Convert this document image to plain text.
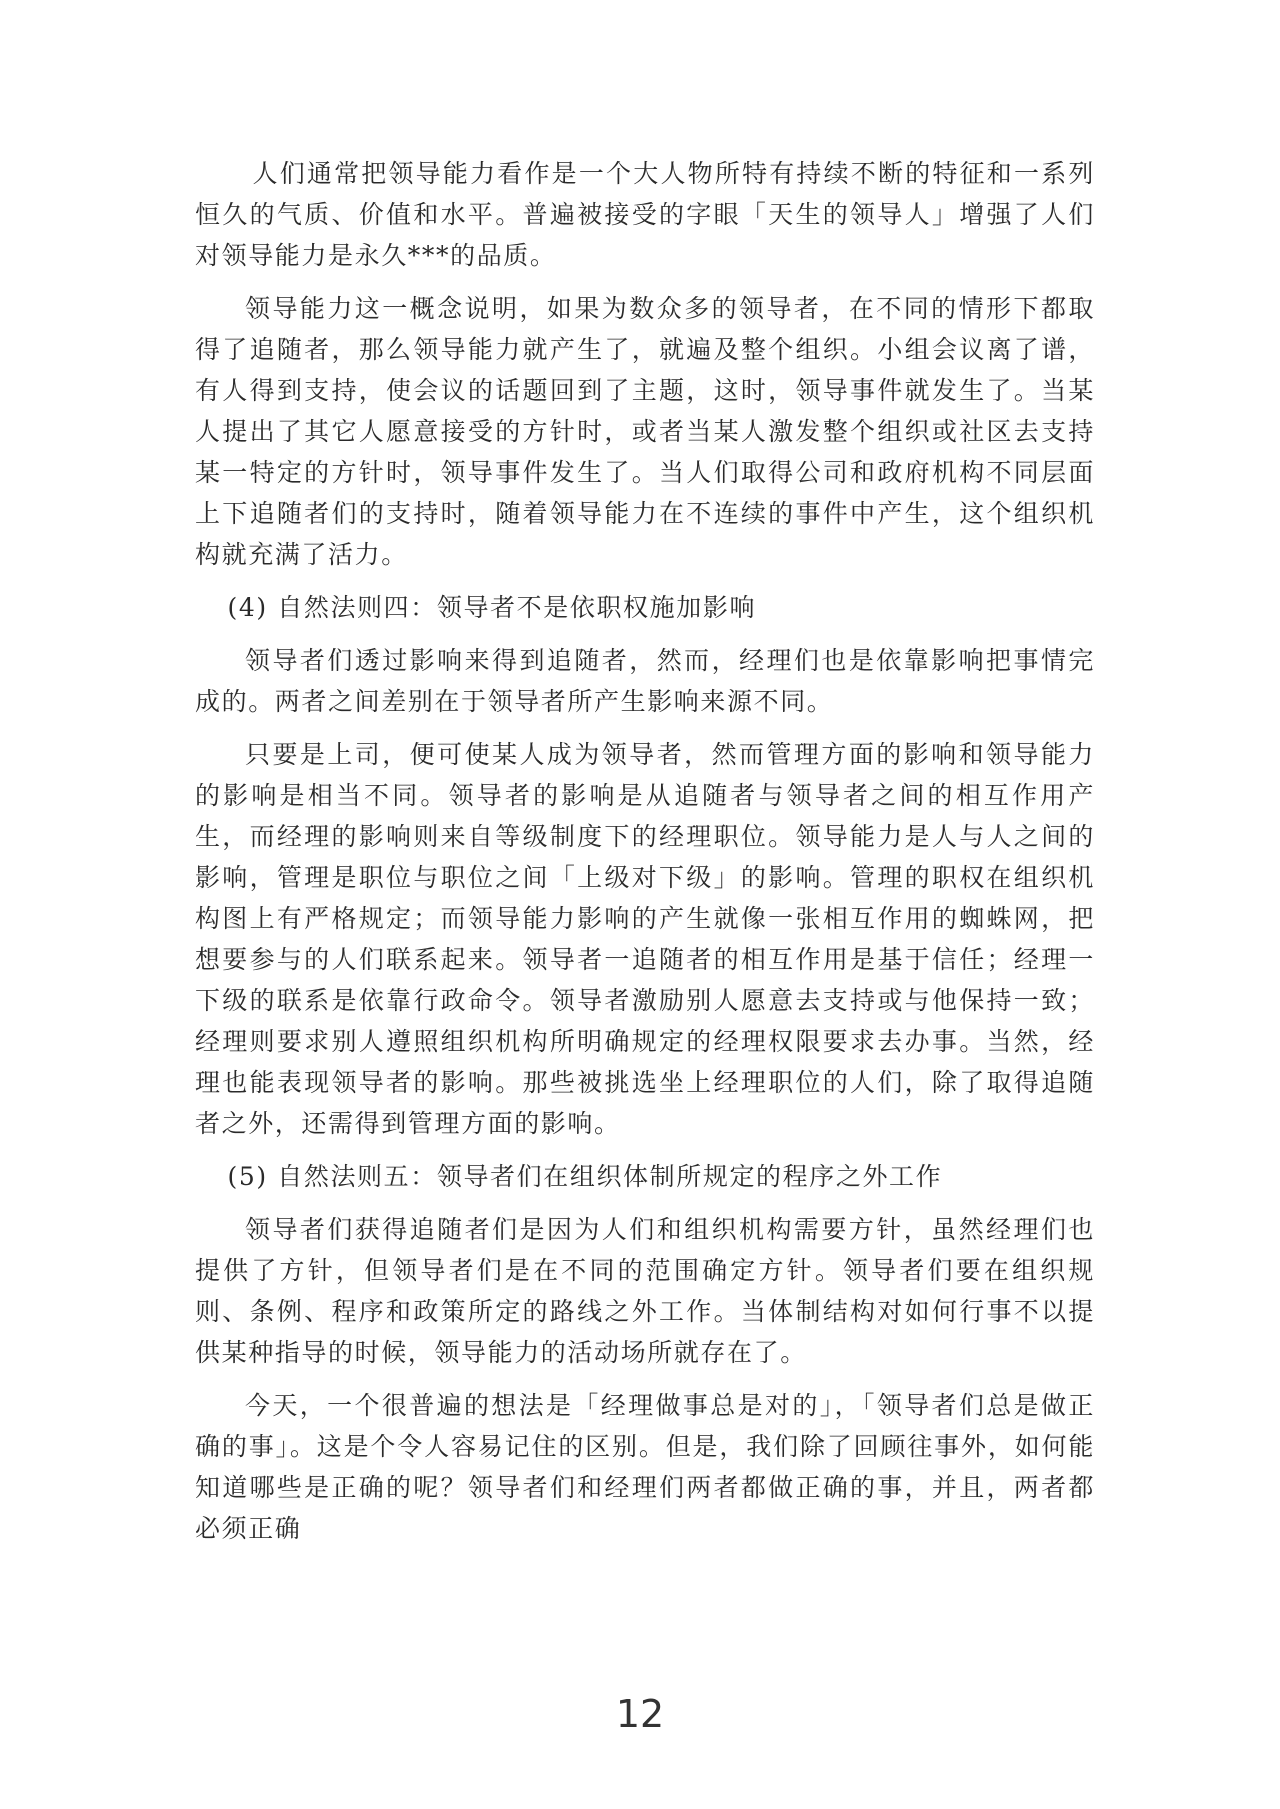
人们通常把领导能力看作是一个大人物所特有持续不断的特征和一系列恒久的气质、价值和水平。普遍被接受的字眼「天生的领导人」增强了人们对领导能力是永久***的品质。

领导能力这一概念说明，如果为数众多的领导者，在不同的情形下都取得了追随者，那么领导能力就产生了，就遍及整个组织。小组会议离了谱，有人得到支持，使会议的话题回到了主题，这时，领导事件就发生了。当某人提出了其它人愿意接受的方针时，或者当某人激发整个组织或社区去支持某一特定的方针时，领导事件发生了。当人们取得公司和政府机构不同层面上下追随者们的支持时，随着领导能力在不连续的事件中产生，这个组织机构就充满了活力。

(4) 自然法则四：领导者不是依职权施加影响

领导者们透过影响来得到追随者，然而，经理们也是依靠影响把事情完成的。两者之间差别在于领导者所产生影响来源不同。

只要是上司，便可使某人成为领导者，然而管理方面的影响和领导能力的影响是相当不同。领导者的影响是从追随者与领导者之间的相互作用产生，而经理的影响则来自等级制度下的经理职位。领导能力是人与人之间的影响，管理是职位与职位之间「上级对下级」的影响。管理的职权在组织机构图上有严格规定；而领导能力影响的产生就像一张相互作用的蜘蛛网，把想要参与的人们联系起来。领导者一追随者的相互作用是基于信任；经理一下级的联系是依靠行政命令。领导者激励别人愿意去支持或与他保持一致；经理则要求别人遵照组织机构所明确规定的经理权限要求去办事。当然，经理也能表现领导者的影响。那些被挑选坐上经理职位的人们，除了取得追随者之外，还需得到管理方面的影响。

(5) 自然法则五：领导者们在组织体制所规定的程序之外工作

领导者们获得追随者们是因为人们和组织机构需要方针，虽然经理们也提供了方针，但领导者们是在不同的范围确定方针。领导者们要在组织规则、条例、程序和政策所定的路线之外工作。当体制结构对如何行事不以提供某种指导的时候，领导能力的活动场所就存在了。

今天，一个很普遍的想法是「经理做事总是对的」，「领导者们总是做正确的事」。这是个令人容易记住的区别。但是，我们除了回顾往事外，如何能知道哪些是正确的呢？领导者们和经理们两者都做正确的事，并且，两者都必须正确

12
